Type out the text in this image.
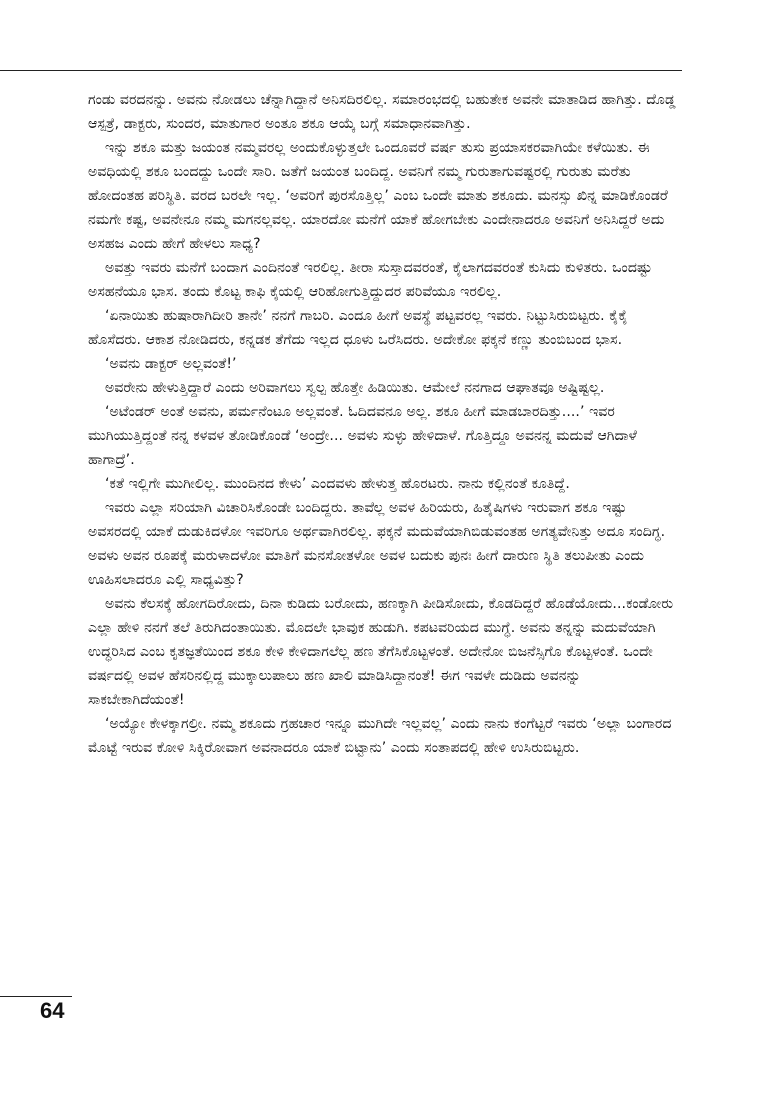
ಗಂಡು ವರದನನ್ನು. ಅವನು ನೋಡಲು ಚೆನ್ನಾಗಿದ್ದಾನೆ ಅನಿಸದಿರಲಿಲ್ಲ. ಸಮಾರಂಭದಲ್ಲಿ ಬಹುತೇಕ ಅವನೇ ಮಾತಾಡಿದ ಹಾಗಿತ್ತು. ದೊಡ್ಡ ಆಸ್ಪತ್ರೆ, ಡಾಕ್ಟರು, ಸುಂದರ, ಮಾತುಗಾರ ಅಂತೂ ಶಕೂ ಆಯ್ಕೆ ಬಗ್ಗೆ ಸಮಾಧಾನವಾಗಿತ್ತು.

ಇನ್ನು ಶಕೂ ಮತ್ತು ಜಯಂತ ನಮ್ಮವರಲ್ಲ ಅಂದುಕೊಳ್ಳುತ್ತಲೇ ಒಂದೂವರೆ ವರ್ಷ ತುಸು ಪ್ರಯಾಸಕರವಾಗಿಯೇ ಕಳೆಯಿತು. ಈ ಅವಧಿಯಲ್ಲಿ ಶಕೂ ಬಂದದ್ದು ಒಂದೇ ಸಾರಿ. ಜತೆಗೆ ಜಯಂತ ಬಂದಿದ್ದ. ಅವನಿಗೆ ನಮ್ಮ ಗುರುತಾಗುವಷ್ಟರಲ್ಲಿ ಗುರುತು ಮರೆತು ಹೋದಂತಹ ಪರಿಸ್ಥಿತಿ. ವರದ ಬರಲೇ ಇಲ್ಲ. ‘ಅವರಿಗೆ ಪುರಸೊತ್ತಿಲ್ಲ’ ಎಂಬ ಒಂದೇ ಮಾತು ಶಕೂದು. ಮನಸ್ಸು ಖಿನ್ನ ಮಾಡಿಕೊಂಡರೆ ನಮಗೇ ಕಷ್ಟ, ಅವನೇನೂ ನಮ್ಮ ಮಗನಲ್ಲವಲ್ಲ. ಯಾರದೋ ಮನೆಗೆ ಯಾಕೆ ಹೋಗಬೇಕು ಎಂದೇನಾದರೂ ಅವನಿಗೆ ಅನಿಸಿದ್ದರೆ ಅದು ಅಸಹಜ ಎಂದು ಹೇಗೆ ಹೇಳಲು ಸಾಧ್ಯ?

ಅವತ್ತು ಇವರು ಮನೆಗೆ ಬಂದಾಗ ಎಂದಿನಂತೆ ಇರಲಿಲ್ಲ. ತೀರಾ ಸುಸ್ತಾದವರಂತೆ, ಕೈಲಾಗದವರಂತೆ ಕುಸಿದು ಕುಳಿತರು. ಒಂದಷ್ಟು ಅಸಹನೆಯೂ ಭಾಸ. ತಂದು ಕೊಟ್ಟ ಕಾಫಿ ಕೈಯಲ್ಲಿ ಆರಿಹೋಗುತ್ತಿದ್ದುದರ ಪರಿವೆಯೂ ಇರಲಿಲ್ಲ.

‘ಏನಾಯಿತು ಹುಷಾರಾಗಿದೀರಿ ತಾನೇ’ ನನಗೆ ಗಾಬರಿ. ಎಂದೂ ಹೀಗೆ ಅವಸ್ಥೆ ಪಟ್ಟವರಲ್ಲ ಇವರು. ನಿಟ್ಟುಸಿರುಬಿಟ್ಟರು. ಕೈಕೈ ಹೊಸೆದರು. ಆಕಾಶ ನೋಡಿದರು, ಕನ್ನಡಕ ತೆಗೆದು ಇಲ್ಲದ ಧೂಳು ಒರೆಸಿದರು. ಅದೇಕೋ ಫಕ್ಕನೆ ಕಣ್ಣು ತುಂಬಿಬಂದ ಭಾಸ.

‘ಅವನು ಡಾಕ್ಟರ್ ಅಲ್ಲವಂತೆ!’

ಅವರೇನು ಹೇಳುತ್ತಿದ್ದಾರೆ ಎಂದು ಅರಿವಾಗಲು ಸ್ವಲ್ಪ ಹೊತ್ತೇ ಹಿಡಿಯಿತು. ಆಮೇಲೆ ನನಗಾದ ಆಘಾತವೂ ಅಷ್ಟಿಷ್ಟಲ್ಲ.

‘ಅಟೆಂಡರ್ ಅಂತೆ ಅವನು, ಪರ್ಮನೆಂಟೂ ಅಲ್ಲವಂತೆ. ಓದಿದವನೂ ಅಲ್ಲ. ಶಕೂ ಹೀಗೆ ಮಾಡಬಾರದಿತ್ತು....’ ಇವರ ಮುಗಿಯುತ್ತಿದ್ದಂತೆ ನನ್ನ ಕಳವಳ ತೋಡಿಕೊಂಡೆ ‘ಅಂದ್ರೇ... ಅವಳು ಸುಳ್ಳು ಹೇಳಿದಾಳೆ. ಗೊತ್ತಿದ್ದೂ ಅವನನ್ನ ಮದುವೆ ಆಗಿದಾಳೆ ಹಾಗಾದ್ರೆ’.

‘ಕತೆ ಇಲ್ಲಿಗೇ ಮುಗೀಲಿಲ್ಲ. ಮುಂದಿನದ ಕೇಳು’ ಎಂದವಳು ಹೇಳುತ್ತ ಹೊರಟರು. ನಾನು ಕಲ್ಲಿನಂತೆ ಕೂತಿದ್ದೆ.

ಇವರು ಎಲ್ಲಾ ಸರಿಯಾಗಿ ವಿಚಾರಿಸಿಕೊಂಡೇ ಬಂದಿದ್ದರು. ತಾವೆಲ್ಲ ಅವಳ ಹಿರಿಯರು, ಹಿತೈಷಿಗಳು ಇರುವಾಗ ಶಕೂ ಇಷ್ಟು ಅವಸರದಲ್ಲಿ ಯಾಕೆ ದುಡುಕಿದಳೋ ಇವರಿಗೂ ಅರ್ಥವಾಗಿರಲಿಲ್ಲ. ಫಕ್ಕನೆ ಮದುವೆಯಾಗಿಬಿಡುವಂತಹ ಅಗತ್ಯವೇನಿತ್ತು ಅದೂ ಸಂದಿಗ್ಧ. ಅವಳು ಅವನ ರೂಪಕ್ಕೆ ಮರುಳಾದಳೋ ಮಾತಿಗೆ ಮನಸೋತಳೋ ಅವಳ ಬದುಕು ಪುನಃ ಹೀಗೆ ದಾರುಣ ಸ್ಥಿತಿ ತಲುಪೀತು ಎಂದು ಊಹಿಸಲಾದರೂ ಎಲ್ಲಿ ಸಾಧ್ಯವಿತ್ತು?

ಅವನು ಕೆಲಸಕ್ಕೆ ಹೋಗದಿರೋದು, ದಿನಾ ಕುಡಿದು ಬರೋದು, ಹಣಕ್ಕಾಗಿ ಪೀಡಿಸೋದು, ಕೊಡದಿದ್ದರೆ ಹೊಡೆಯೋದು...ಕಂಡೋರು ಎಲ್ಲಾ ಹೇಳಿ ನನಗೆ ತಲೆ ತಿರುಗಿದಂತಾಯಿತು. ಮೊದಲೇ ಭಾವುಕ ಹುಡುಗಿ. ಕಪಟವರಿಯದ ಮುಗ್ಧೆ. ಅವನು ತನ್ನನ್ನು ಮದುವೆಯಾಗಿ ಉದ್ಧರಿಸಿದ ಎಂಬ ಕೃತಜ್ಞತೆಯಿಂದ ಶಕೂ ಕೇಳಿ ಕೇಳಿದಾಗಲೆಲ್ಲ ಹಣ ತೆಗೆಸಿಕೊಟ್ಟಳಂತೆ. ಅದೇನೋ ಬಿಜನೆಸ್ಸಿಗೊ ಕೊಟ್ಟಳಂತೆ. ಒಂದೇ ವರ್ಷದಲ್ಲಿ ಅವಳ ಹೆಸರಿನಲ್ಲಿದ್ದ ಮುಕ್ಕಾಲುಪಾಲು ಹಣ ಖಾಲಿ ಮಾಡಿಸಿದ್ದಾನಂತೆ! ಈಗ ಇವಳೇ ದುಡಿದು ಅವನನ್ನು ಸಾಕಬೇಕಾಗಿದೆಯಂತೆ!

‘ಅಯ್ಯೋ ಕೇಳಕ್ಕಾಗಲ್ರೀ. ನಮ್ಮ ಶಕೂದು ಗ್ರಹಚಾರ ಇನ್ನೂ ಮುಗಿದೇ ಇಲ್ಲವಲ್ಲ’ ಎಂದು ನಾನು ಕಂಗೆಟ್ಟರೆ ಇವರು ‘ಅಲ್ಲಾ ಬಂಗಾರದ ಮೊಟ್ಟೆ ಇರುವ ಕೋಳಿ ಸಿಕ್ಕಿರೋವಾಗ ಅವನಾದರೂ ಯಾಕೆ ಬಿಟ್ಟಾನು’ ಎಂದು ಸಂತಾಪದಲ್ಲಿ ಹೇಳಿ ಉಸಿರುಬಿಟ್ಟರು.

64
